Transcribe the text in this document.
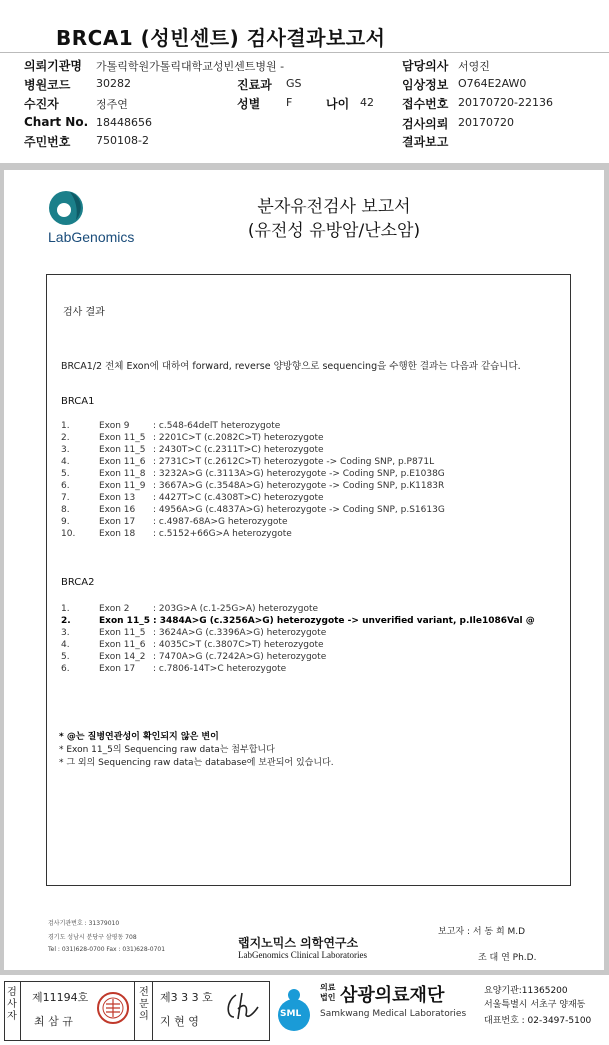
BRCA1 (성빈센트) 검사결과보고서
의뢰기관명 가톨릭학원가톨릭대학교성빈센트병원 -
병원코드 30282
수진자	정주연
Chart No. 18448656
주민번호 750108-2
진료과 GS
성별 F	나이 42
담당의사 서영진
임상정보 O764E2AW0
접수번호 20170720-22136
검사의뢰 20170720
결과보고
LabGenomics
분자유전검사 보고서
(유전성 유방암/난소암)
검사 결과
BRCA1/2 전체 Exon에 대하여 forward, reverse 양방향으로 sequencing을 수행한 결과는 다음과 같습니다.
BRCA1
1.	Exon 9	: c.548-64delT heterozygote
2.	Exon 11_5 : 2201C>T (c.2082C>T) heterozygote
3.	Exon 11_5 : 2430T>C (c.2311T>C) heterozygote
4.	Exon 11_6 : 2731C>T (c.2612C>T) heterozygote -> Coding SNP, p.P871L
5.	Exon 11_8 : 3232A>G (c.3113A>G) heterozygote -> Coding SNP, p.E1038G
6.	Exon 11_9 : 3667A>G (c.3548A>G) heterozygote -> Coding SNP, p.K1183R
7.	Exon 13 : 4427T>C (c.4308T>C) heterozygote
8.	Exon 16 : 4956A>G (c.4837A>G) heterozygote -> Coding SNP, p.S1613G
9.	Exon 17 : c.4987-68A>G heterozygote
10.	Exon 18 : c.5152+66G>A heterozygote
BRCA2
1.	Exon 2	: 203G>A (c.1-25G>A) heterozygote
2.	Exon 11_5 : 3484A>G (c.3256A>G) heterozygote -> unverified variant, p.Ile1086Val @
3.	Exon 11_5 : 3624A>G (c.3396A>G) heterozygote
4.	Exon 11_6 : 4035C>T (c.3807C>T) heterozygote
5.	Exon 14_2 : 7470A>G (c.7242A>G) heterozygote
6.	Exon 17 : c.7806-14T>C heterozygote
* @는 질병연관성이 확인되지 않은 변이
* Exon 11_5의 Sequencing raw data는 첨부합니다
* 그 외의 Sequencing raw data는 database에 보관되어 있습니다.
검사기관번호 : 31379010
경기도 성남시 분당구 삼평동 708
Tel : 031)628-0700 Fax : 031)628-0701	랩지노믹스 의학연구소
LabGenomics Clinical Laboratories
보고자 : 서 동 희 M.D
조 대 연 Ph.D.
검
사
자
제11194호
최 삼 규
전
문
의
제3 3 3 호
지 현 영
SML
의료
법인 삼광의료재단
Samkwang Medical Laboratories
요양기관:11365200
서울특별시 서초구 양재동
대표번호 : 02-3497-5100
